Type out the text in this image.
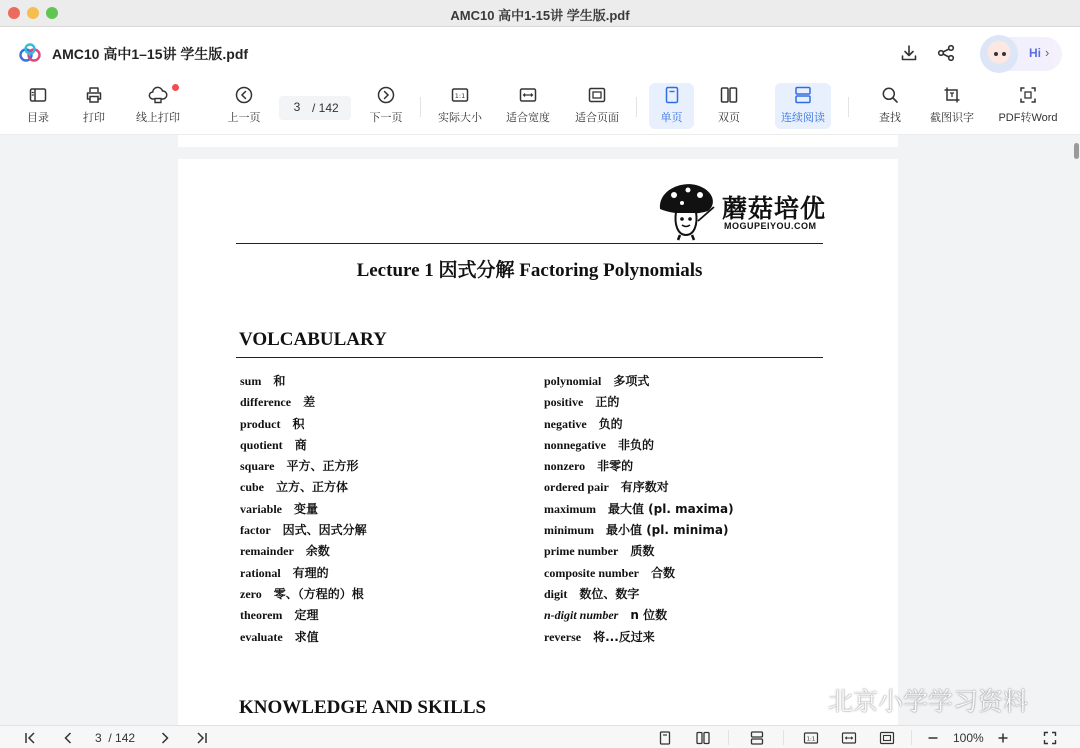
AMC10 高中1-15讲 学生版.pdf
AMC10 高中1–15讲 学生版.pdf	Hi ›
目录	打印	线上打印	上一页
3
/ 142
下一页
1:1
实际大小	适合宽度	适合页面	单页	双页	连续阅读	查找	截图识字	PDF转Word
蘑菇培优
MOGUPEIYOU.COM
Lecture 1 因式分解 Factoring Polynomials
VOLCABULARY
sum 和
difference 差
product 积
quotient 商
square 平方、正方形
cube 立方、正方体
variable 变量
factor 因式、因式分解
remainder 余数
rational 有理的
zero 零、（方程的）根
theorem 定理
evaluate 求值
polynomial 多项式
positive 正的
negative 负的
nonnegative 非负的
nonzero 非零的
ordered pair 有序数对
maximum 最大值 (pl. maxima)
minimum 最小值 (pl. minima)
prime number 质数
composite number 合数
digit 数位、数字
n-digit number n 位数
reverse 将...反过来
KNOWLEDGE AND SKILLS	北京小学学习资料
3 / 142	1:1	100%
